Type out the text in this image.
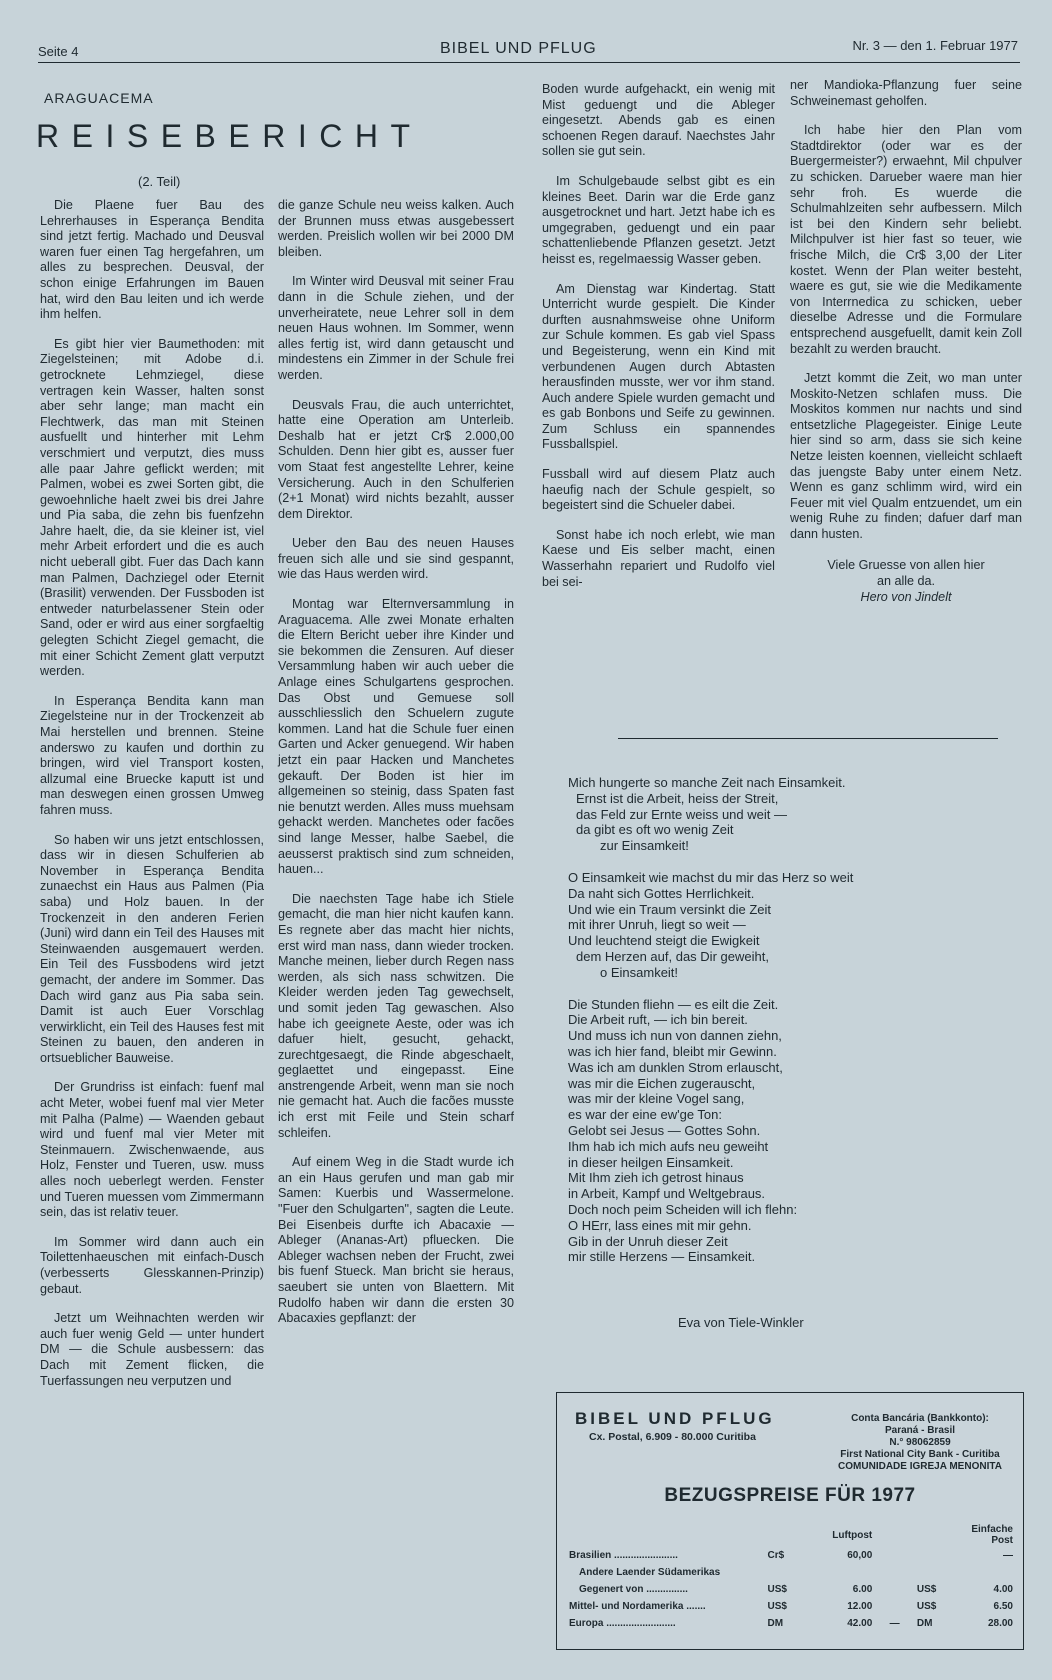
Seite 4	BIBEL UND PFLUG	Nr. 3 — den 1. Februar 1977
ARAGUACEMA
REISEBERICHT
(2. Teil)

Die Plaene fuer Bau des Lehrerhauses in Esperança Bendita sind jetzt fertig. Machado und Deusval waren fuer einen Tag hergefahren, um alles zu besprechen. Deusval, der schon einige Erfahrungen im Bauen hat, wird den Bau leiten und ich werde ihm helfen.

Es gibt hier vier Baumethoden: mit Ziegelsteinen; mit Adobe d.i. getrocknete Lehmziegel, diese vertragen kein Wasser, halten sonst aber sehr lange; man macht ein Flechtwerk, das man mit Steinen ausfuellt und hinterher mit Lehm verschmiert und verputzt, dies muss alle paar Jahre geflickt werden; mit Palmen, wobei es zwei Sorten gibt, die gewoehnliche haelt zwei bis drei Jahre und Pia saba, die zehn bis fuenfzehn Jahre haelt, die, da sie kleiner ist, viel mehr Arbeit erfordert und die es auch nicht ueberall gibt. Fuer das Dach kann man Palmen, Dachziegel oder Eternit (Brasilit) verwenden. Der Fussboden ist entweder naturbelassener Stein oder Sand, oder er wird aus einer sorgfaeltig gelegten Schicht Ziegel gemacht, die mit einer Schicht Zement glatt verputzt werden.

In Esperança Bendita kann man Ziegelsteine nur in der Trockenzeit ab Mai herstellen und brennen. Steine anderswo zu kaufen und dorthin zu bringen, wird viel Transport kosten, allzumal eine Bruecke kaputt ist und man deswegen einen grossen Umweg fahren muss.

So haben wir uns jetzt entschlossen, dass wir in diesen Schulferien ab November in Esperança Bendita zunaechst ein Haus aus Palmen (Pia saba) und Holz bauen. In der Trockenzeit in den anderen Ferien (Juni) wird dann ein Teil des Hauses mit Steinwaenden ausgemauert werden. Ein Teil des Fussbodens wird jetzt gemacht, der andere im Sommer. Das Dach wird ganz aus Pia saba sein. Damit ist auch Euer Vorschlag verwirklicht, ein Teil des Hauses fest mit Steinen zu bauen, den anderen in ortsueblicher Bauweise.

Der Grundriss ist einfach: fuenf mal acht Meter, wobei fuenf mal vier Meter mit Palha (Palme) — Waenden gebaut wird und fuenf mal vier Meter mit Steinmauern. Zwischenwaende, aus Holz, Fenster und Tueren, usw. muss alles noch ueberlegt werden. Fenster und Tueren muessen vom Zimmermann sein, das ist relativ teuer.

Im Sommer wird dann auch ein Toilettenhaeuschen mit einfach-Dusch (verbesserts Glesskannen-Prinzip) gebaut.

Jetzt um Weihnachten werden wir auch fuer wenig Geld — unter hundert DM — die Schule ausbessern: das Dach mit Zement flicken, die Tuerfassungen neu verputzen und

die ganze Schule neu weiss kalken. Auch der Brunnen muss etwas ausgebessert werden. Preislich wollen wir bei 2000 DM bleiben.

Im Winter wird Deusval mit seiner Frau dann in die Schule ziehen, und der unverheiratete, neue Lehrer soll in dem neuen Haus wohnen. Im Sommer, wenn alles fertig ist, wird dann getauscht und mindestens ein Zimmer in der Schule frei werden.

Deusvals Frau, die auch unterrichtet, hatte eine Operation am Unterleib. Deshalb hat er jetzt Cr$ 2.000,00 Schulden. Denn hier gibt es, ausser fuer vom Staat fest angestellte Lehrer, keine Versicherung. Auch in den Schulferien (2+1 Monat) wird nichts bezahlt, ausser dem Direktor.

Ueber den Bau des neuen Hauses freuen sich alle und sie sind gespannt, wie das Haus werden wird.

Montag war Elternversammlung in Araguacema. Alle zwei Monate erhalten die Eltern Bericht ueber ihre Kinder und sie bekommen die Zensuren. Auf dieser Versammlung haben wir auch ueber die Anlage eines Schulgartens gesprochen. Das Obst und Gemuese soll ausschliesslich den Schuelern zugute kommen. Land hat die Schule fuer einen Garten und Acker genuegend. Wir haben jetzt ein paar Hacken und Manchetes gekauft. Der Boden ist hier im allgemeinen so steinig, dass Spaten fast nie benutzt werden. Alles muss muehsam gehackt werden. Manchetes oder facões sind lange Messer, halbe Saebel, die aeusserst praktisch sind zum schneiden, hauen...

Die naechsten Tage habe ich Stiele gemacht, die man hier nicht kaufen kann. Es regnete aber das macht hier nichts, erst wird man nass, dann wieder trocken. Manche meinen, lieber durch Regen nass werden, als sich nass schwitzen. Die Kleider werden jeden Tag gewechselt, und somit jeden Tag gewaschen. Also habe ich geeignete Aeste, oder was ich dafuer hielt, gesucht, gehackt, zurechtgesaegt, die Rinde abgeschaelt, geglaettet und eingepasst. Eine anstrengende Arbeit, wenn man sie noch nie gemacht hat. Auch die facões musste ich erst mit Feile und Stein scharf schleifen.

Auf einem Weg in die Stadt wurde ich an ein Haus gerufen und man gab mir Samen: Kuerbis und Wassermelone. "Fuer den Schulgarten", sagten die Leute. Bei Eisenbeis durfte ich Abacaxie — Ableger (Ananas-Art) pfluecken. Die Ableger wachsen neben der Frucht, zwei bis fuenf Stueck. Man bricht sie heraus, saeubert sie unten von Blaettern. Mit Rudolfo haben wir dann die ersten 30 Abacaxies gepflanzt: der

Boden wurde aufgehackt, ein wenig mit Mist geduengt und die Ableger eingesetzt. Abends gab es einen schoenen Regen darauf. Naechstes Jahr sollen sie gut sein.

Im Schulgebaude selbst gibt es ein kleines Beet. Darin war die Erde ganz ausgetrocknet und hart. Jetzt habe ich es umgegraben, geduengt und ein paar schattenliebende Pflanzen gesetzt. Jetzt heisst es, regelmaessig Wasser geben.

Am Dienstag war Kindertag. Statt Unterricht wurde gespielt. Die Kinder durften ausnahmsweise ohne Uniform zur Schule kommen. Es gab viel Spass und Begeisterung, wenn ein Kind mit verbundenen Augen durch Abtasten herausfinden musste, wer vor ihm stand. Auch andere Spiele wurden gemacht und es gab Bonbons und Seife zu gewinnen. Zum Schluss ein spannendes Fussballspiel.

Fussball wird auf diesem Platz auch haeufig nach der Schule gespielt, so begeistert sind die Schueler dabei.

Sonst habe ich noch erlebt, wie man Kaese und Eis selber macht, einen Wasserhahn repariert und Rudolfo viel bei sei-

ner Mandioka-Pflanzung fuer seine Schweinemast geholfen.

Ich habe hier den Plan vom Stadtdirektor (oder war es der Buergermeister?) erwaehnt, Mil chpulver zu schicken. Darueber waere man hier sehr froh. Es wuerde die Schulmahlzeiten sehr aufbessern. Milch ist bei den Kindern sehr beliebt. Milchpulver ist hier fast so teuer, wie frische Milch, die Cr$ 3,00 der Liter kostet. Wenn der Plan weiter besteht, waere es gut, sie wie die Medikamente von Interrnedica zu schicken, ueber dieselbe Adresse und die Formulare entsprechend ausgefuellt, damit kein Zoll bezahlt zu werden braucht.

Jetzt kommt die Zeit, wo man unter Moskito-Netzen schlafen muss. Die Moskitos kommen nur nachts und sind entsetzliche Plagegeister. Einige Leute hier sind so arm, dass sie sich keine Netze leisten koennen, vielleicht schlaeft das juengste Baby unter einem Netz. Wenn es ganz schlimm wird, wird ein Feuer mit viel Qualm entzuendet, um ein wenig Ruhe zu finden; dafuer darf man dann husten.

Viele Gruesse von allen hier
an alle da.
Hero von Jindelt
Mich hungerte so manche Zeit nach Einsamkeit.
Ernst ist die Arbeit, heiss der Streit,
das Feld zur Ernte weiss und weit —
da gibt es oft wo wenig Zeit
zur Einsamkeit!
O Einsamkeit wie machst du mir das Herz so weit
Da naht sich Gottes Herrlichkeit.
Und wie ein Traum versinkt die Zeit
mit ihrer Unruh, liegt so weit —
Und leuchtend steigt die Ewigkeit
dem Herzen auf, das Dir geweiht,
o Einsamkeit!
Die Stunden fliehn — es eilt die Zeit.
Die Arbeit ruft, — ich bin bereit.
Und muss ich nun von dannen ziehn,
was ich hier fand, bleibt mir Gewinn.
Was ich am dunklen Strom erlauscht,
was mir die Eichen zugerauscht,
was mir der kleine Vogel sang,
es war der eine ew'ge Ton:
Gelobt sei Jesus — Gottes Sohn.
Ihm hab ich mich aufs neu geweiht
in dieser heilgen Einsamkeit.
Mit Ihm zieh ich getrost hinaus
in Arbeit, Kampf und Weltgebraus.
Doch noch peim Scheiden will ich flehn:
O HErr, lass eines mit mir gehn.
Gib in der Unruh dieser Zeit
mir stille Herzens — Einsamkeit.
Eva von Tiele-Winkler
BIBEL UND PFLUG
Cx. Postal, 6.909 - 80.000 Curitiba
Conta Bancária (Bankkonto):
Paraná - Brasil
N.° 98062859
First National City Bank - Curitiba
COMUNIDADE IGREJA MENONITA
BEZUGSPREISE FÜR 1977
		Luftpost			Einfache Post
Brasilien .......................	Cr$	60,00			—
Andere Laender Südamerikas					
Gegenert von ...............	US$	6.00		US$	4.00
Mittel- und Nordamerika .......	US$	12.00		US$	6.50
Europa .........................	DM	42.00	—	DM	28.00
